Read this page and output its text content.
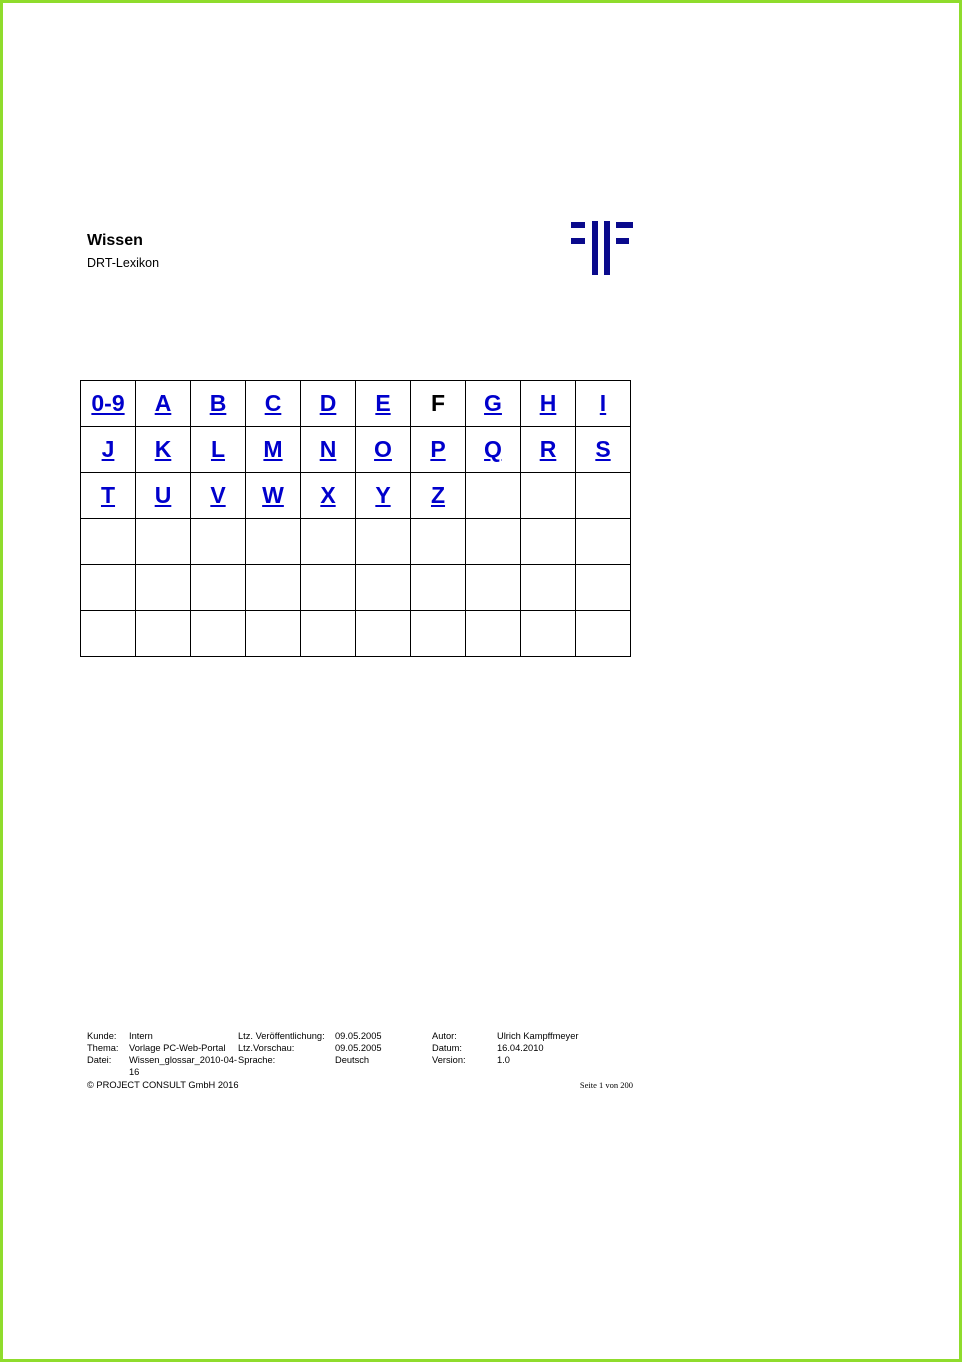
Wissen
DRT-Lexikon
0-9	A	B	C	D	E	F	G	H	I
J	K	L	M	N	O	P	Q	R	S
T	U	V	W	X	Y	Z			

Kunde:	Intern	Ltz. Veröffentlichung:	09.05.2005	Autor:	Ulrich Kampffmeyer
Thema:	Vorlage PC-Web-Portal	Ltz.Vorschau:	09.05.2005	Datum:	16.04.2010
Datei:	Wissen_glossar_2010-04-16
Sprache:	Deutsch	Version:	1.0
© PROJECT CONSULT GmbH 2016	Seite 1 von 200
